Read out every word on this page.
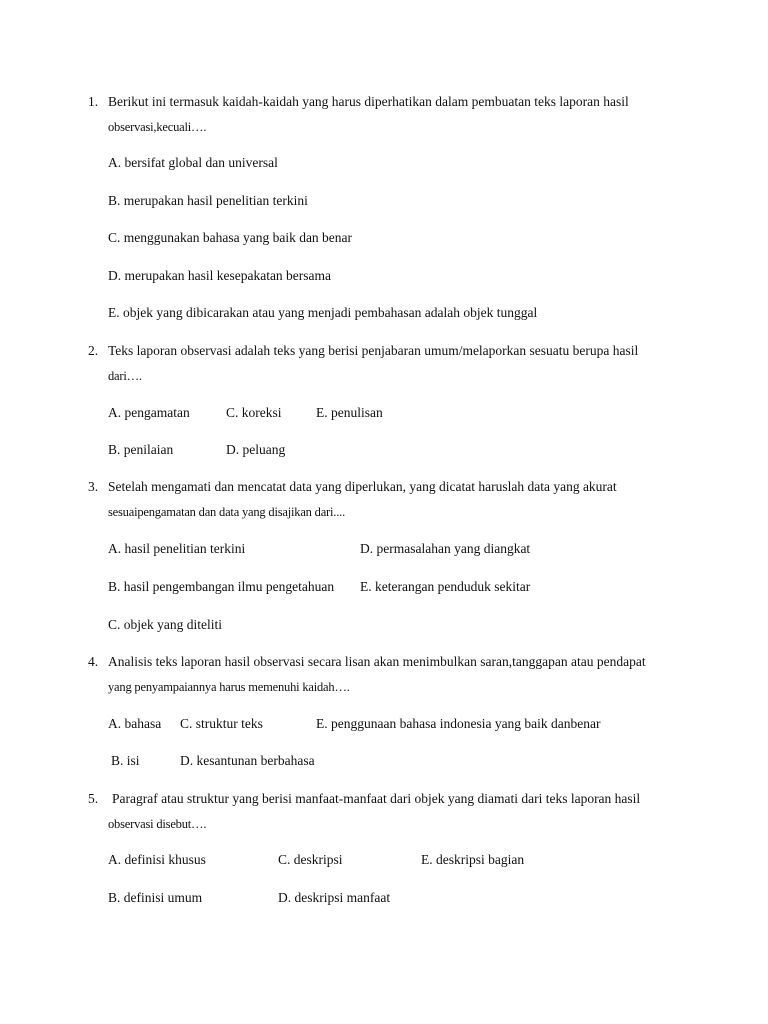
1. Berikut ini termasuk kaidah-kaidah yang harus diperhatikan dalam pembuatan teks laporan hasil
observasi,kecuali….
A. bersifat global dan universal
B. merupakan hasil penelitian terkini
C. menggunakan bahasa yang baik dan benar
D. merupakan hasil kesepakatan bersama
E. objek yang dibicarakan atau yang menjadi pembahasan adalah objek tunggal
2. Teks laporan observasi adalah teks yang berisi penjabaran umum/melaporkan sesuatu berupa hasil
dari….
A. pengamatan	C. koreksi	E. penulisan
B. penilaian	D. peluang
3. Setelah mengamati dan mencatat data yang diperlukan, yang dicatat haruslah data yang akurat
sesuaipengamatan dan data yang disajikan dari....
A. hasil penelitian terkini	D. permasalahan yang diangkat
B. hasil pengembangan ilmu pengetahuan E. keterangan penduduk sekitar
C. objek yang diteliti
4. Analisis teks laporan hasil observasi secara lisan akan menimbulkan saran,tanggapan atau pendapat
yang penyampaiannya harus memenuhi kaidah….
A. bahasa C. struktur teks	E. penggunaan bahasa indonesia yang baik danbenar
B. isi	D. kesantunan berbahasa
5. Paragraf atau struktur yang berisi manfaat-manfaat dari objek yang diamati dari teks laporan hasil
observasi disebut….
A. definisi khusus	C. deskripsi	E. deskripsi bagian
B. definisi umum	D. deskripsi manfaat
